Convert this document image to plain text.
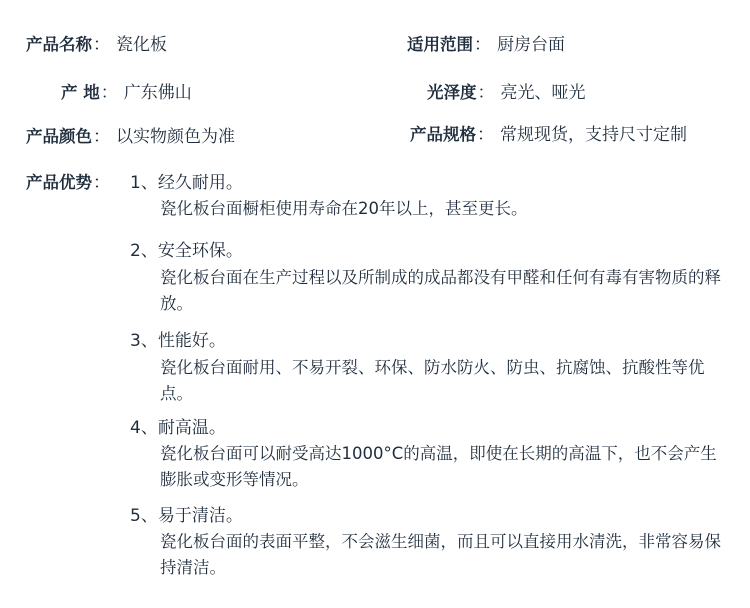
产品名称 ： 瓷化板	适用范围 ： 厨房台面
产 地 ： 广东佛山	光泽度 ： 亮光、哑光
产品颜色 ： 以实物颜色为准	产品规格 ： 常规现货，支持尺寸定制
产品优势 ： 1、经久耐用。
瓷化板台面橱柜使用寿命在20年以上，甚至更长。
2、安全环保。
瓷化板台面在生产过程以及所制成的成品都没有甲醛和任何有毒有害物质的释放。
3、性能好。
瓷化板台面耐用、不易开裂、环保、防水防火、防虫、抗腐蚀、抗酸性等优点。
4、耐高温。
瓷化板台面可以耐受高达1000°C的高温，即使在长期的高温下，也不会产生膨胀或变形等情况。
5、易于清洁。
瓷化板台面的表面平整，不会滋生细菌，而且可以直接用水清洗，非常容易保持清洁。
